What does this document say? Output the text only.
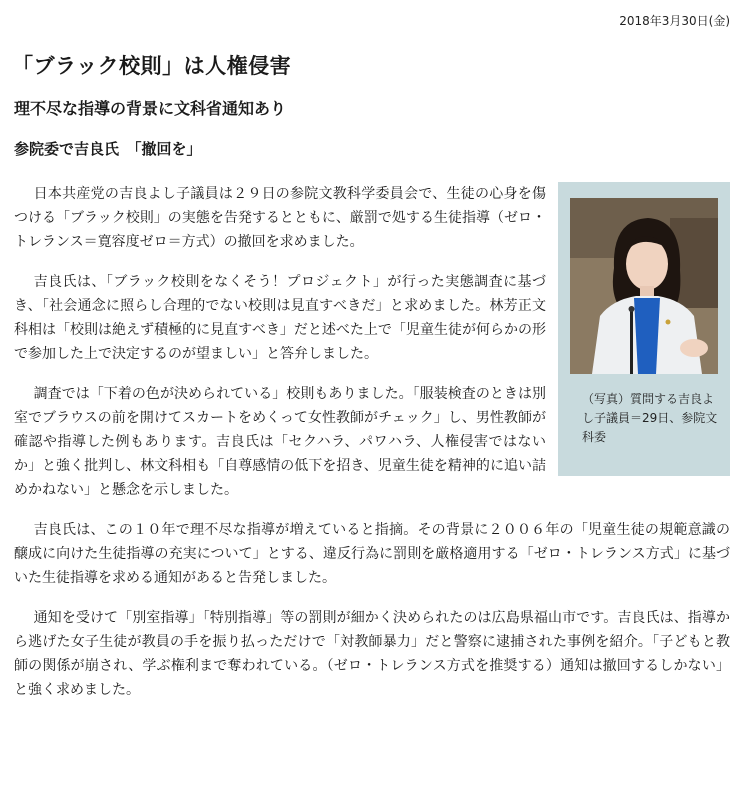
2018年3月30日(金)
「ブラック校則」は人権侵害
理不尽な指導の背景に文科省通知あり
参院委で吉良氏　「撤回を」
（写真）質問する吉良よし子議員＝29日、参院文科委

日本共産党の吉良よし子議員は２９日の参院文教科学委員会で、生徒の心身を傷つける「ブラック校則」の実態を告発するとともに、厳罰で処する生徒指導（ゼロ・トレランス＝寛容度ゼロ＝方式）の撤回を求めました。

吉良氏は、「ブラック校則をなくそう！プロジェクト」が行った実態調査に基づき、「社会通念に照らし合理的でない校則は見直すべきだ」と求めました。林芳正文科相は「校則は絶えず積極的に見直すべき」だと述べた上で「児童生徒が何らかの形で参加した上で決定するのが望ましい」と答弁しました。

調査では「下着の色が決められている」校則もありました。「服装検査のときは別室でブラウスの前を開けてスカートをめくって女性教師がチェック」し、男性教師が確認や指導した例もあります。吉良氏は「セクハラ、パワハラ、人権侵害ではないか」と強く批判し、林文科相も「自尊感情の低下を招き、児童生徒を精神的に追い詰めかねない」と懸念を示しました。

吉良氏は、この１０年で理不尽な指導が増えていると指摘。その背景に２００６年の「児童生徒の規範意識の醸成に向けた生徒指導の充実について」とする、違反行為に罰則を厳格適用する「ゼロ・トレランス方式」に基づいた生徒指導を求める通知があると告発しました。

通知を受けて「別室指導」「特別指導」等の罰則が細かく決められたのは広島県福山市です。吉良氏は、指導から逃げた女子生徒が教員の手を振り払っただけで「対教師暴力」だと警察に逮捕された事例を紹介。「子どもと教師の関係が崩され、学ぶ権利まで奪われている。（ゼロ・トレランス方式を推奨する）通知は撤回するしかない」と強く求めました。
